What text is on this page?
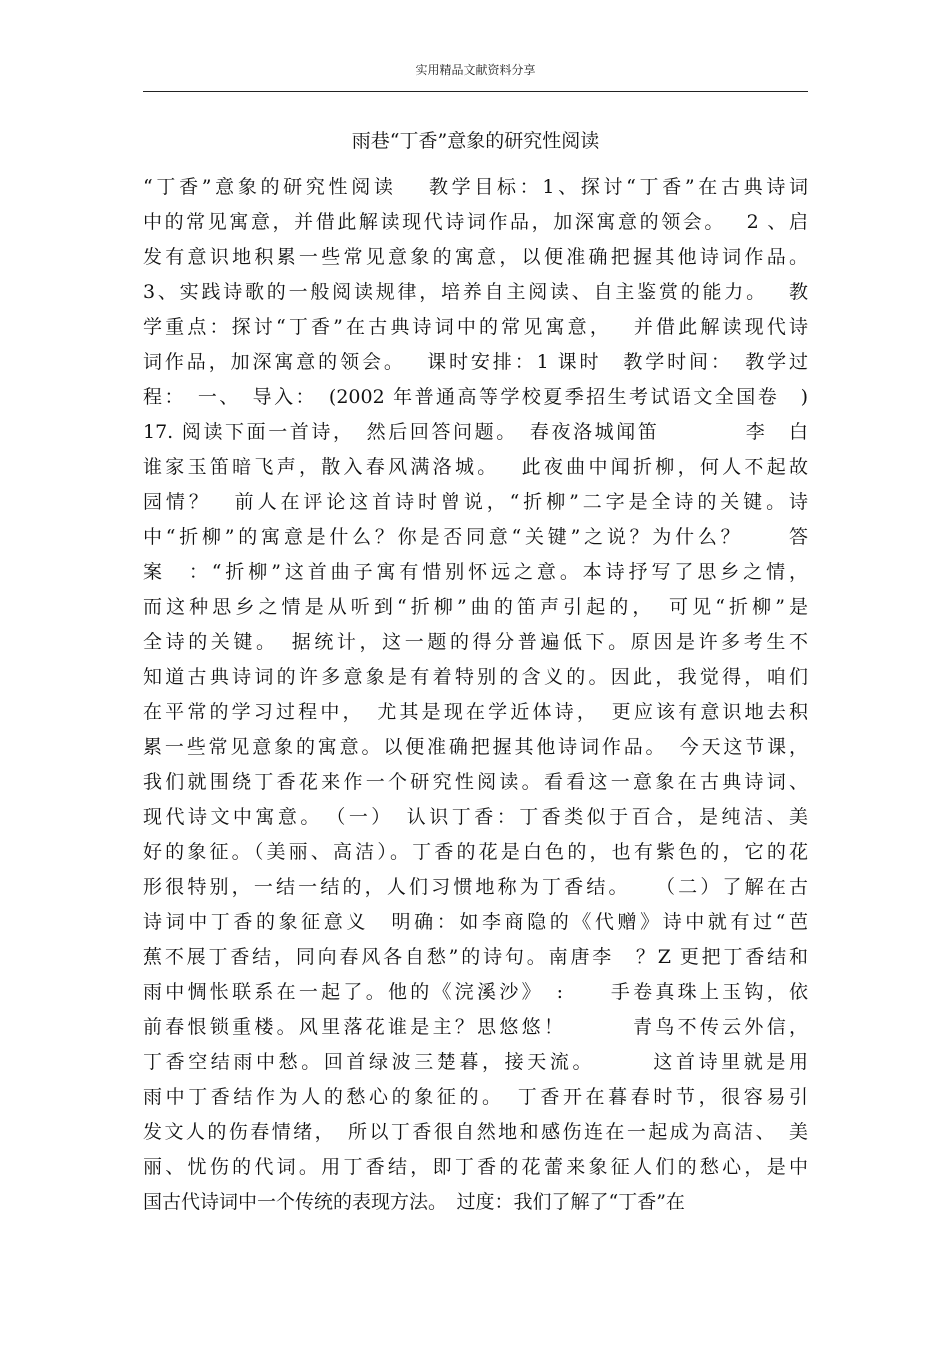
实用精品文献资料分享
雨巷“丁香”意象的研究性阅读
“丁香”意象的研究性阅读　 教学目标：1、探讨“丁香”在古典诗词
中的常见寓意，并借此解读现代诗词作品，加深寓意的领会。　 2 、启
发有意识地积累一些常见意象的寓意，以便准确把握其他诗词作品。
3、实践诗歌的一般阅读规律，培养自主阅读、自主鉴赏的能力。　 教
学重点：探讨“丁香”在古典诗词中的常见寓意，　 并借此解读现代诗
词作品，加深寓意的领会。　 课时安排：1 课时　教学时间：　教学过
程：　一、　导入：　(2002 年普通高等学校夏季招生考试语文全国卷　)
17. 阅读下面一首诗，　然后回答问题。　春夜洛城闻笛　　　　李　白
谁家玉笛暗飞声，散入春风满洛城。　 此夜曲中闻折柳，何人不起故
园情？　前人在评论这首诗时曾说，“折柳”二字是全诗的关键。诗
中“折柳”的寓意是什么？你是否同意“关键”之说？为什么？　　答
案　：“折柳”这首曲子寓有惜别怀远之意。本诗抒写了思乡之情，
而这种思乡之情是从听到“折柳”曲的笛声引起的，　可见“折柳”是
全诗的关键。　据统计，这一题的得分普遍低下。原因是许多考生不
知道古典诗词的许多意象是有着特别的含义的。因此，我觉得，咱们
在平常的学习过程中，　尤其是现在学近体诗，　更应该有意识地去积
累一些常见意象的寓意。以便准确把握其他诗词作品。　今天这节课，
我们就围绕丁香花来作一个研究性阅读。看看这一意象在古典诗词、
现代诗文中寓意。　（一）　认识丁香：丁香类似于百合，是纯洁、美
好的象征。（美丽、高洁）。丁香的花是白色的，也有紫色的，它的花
形很特别，一结一结的，人们习惯地称为丁香结。　　（二）了解在古
诗词中丁香的象征意义　明确：如李商隐的《代赠》诗中就有过“芭
蕉不展丁香结，同向春风各自愁”的诗句。南唐李　？Z 更把丁香结和
雨中惆怅联系在一起了。他的《浣溪沙》　:　　手卷真珠上玉钩，依
前春恨锁重楼。风里落花谁是主？思悠悠！　　　青鸟不传云外信，
丁香空结雨中愁。回首绿波三楚暮，接天流。　　　这首诗里就是用
雨中丁香结作为人的愁心的象征的。　丁香开在暮春时节，很容易引
发文人的伤春情绪，　所以丁香很自然地和感伤连在一起成为高洁、　美
丽、忧伤的代词。用丁香结，即丁香的花蕾来象征人们的愁心，是中
国古代诗词中一个传统的表现方法。　过度：我们了解了“丁香”在
